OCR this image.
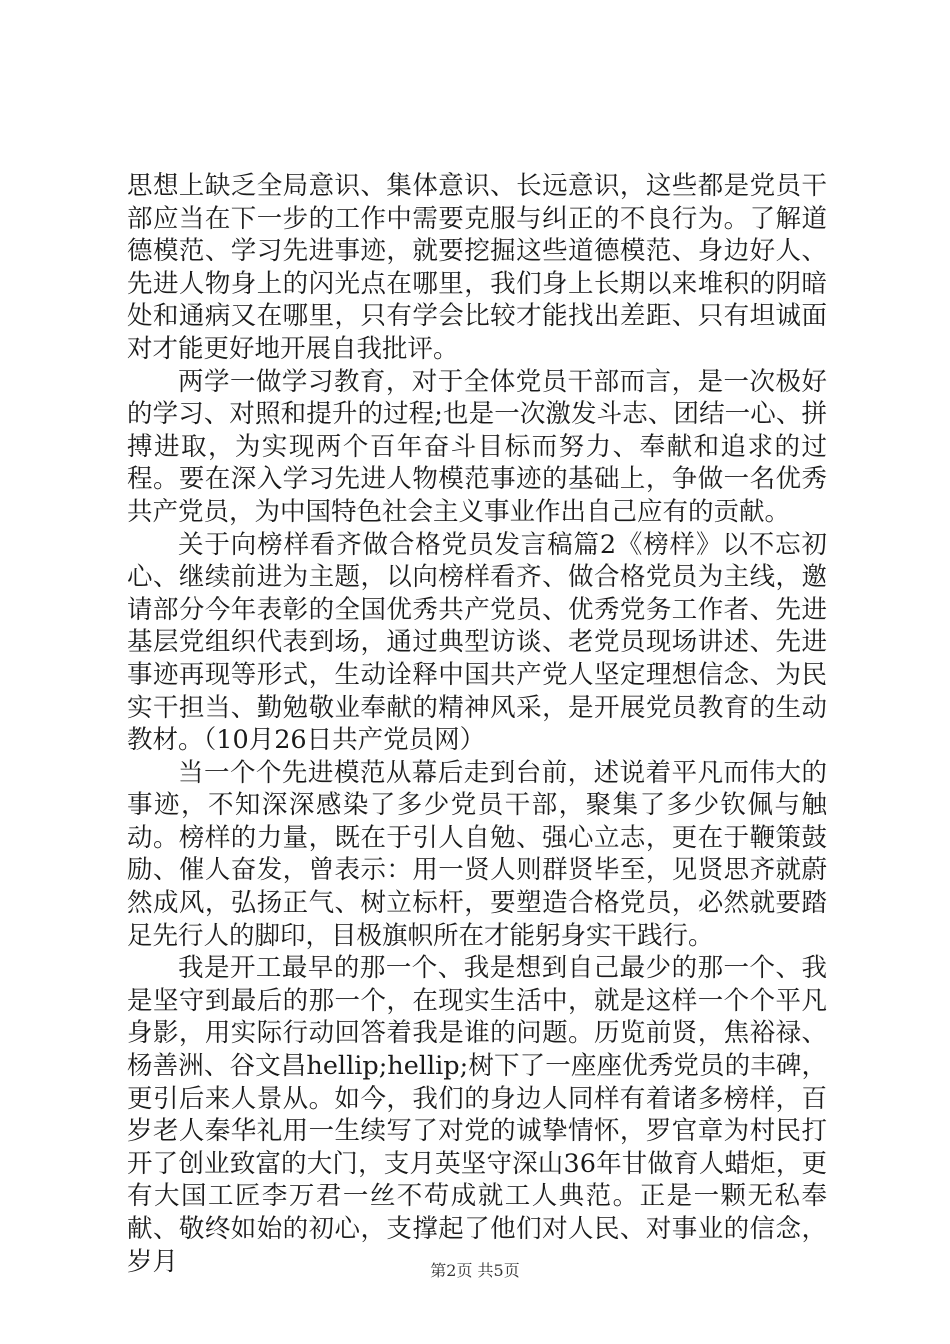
思想上缺乏全局意识、集体意识、长远意识，这些都是党员干部应当在下一步的工作中需要克服与纠正的不良行为。了解道德模范、学习先进事迹，就要挖掘这些道德模范、身边好人、先进人物身上的闪光点在哪里，我们身上长期以来堆积的阴暗处和通病又在哪里，只有学会比较才能找出差距、只有坦诚面对才能更好地开展自我批评。

两学一做学习教育，对于全体党员干部而言，是一次极好的学习、对照和提升的过程;也是一次激发斗志、团结一心、拼搏进取，为实现两个百年奋斗目标而努力、奉献和追求的过程。要在深入学习先进人物模范事迹的基础上，争做一名优秀共产党员，为中国特色社会主义事业作出自己应有的贡献。

关于向榜样看齐做合格党员发言稿篇2《榜样》以不忘初心、继续前进为主题，以向榜样看齐、做合格党员为主线，邀请部分今年表彰的全国优秀共产党员、优秀党务工作者、先进基层党组织代表到场，通过典型访谈、老党员现场讲述、先进事迹再现等形式，生动诠释中国共产党人坚定理想信念、为民实干担当、勤勉敬业奉献的精神风采，是开展党员教育的生动教材。（10月26日共产党员网）

当一个个先进模范从幕后走到台前，述说着平凡而伟大的事迹，不知深深感染了多少党员干部，聚集了多少钦佩与触动。榜样的力量，既在于引人自勉、强心立志，更在于鞭策鼓励、催人奋发，曾表示：用一贤人则群贤毕至，见贤思齐就蔚然成风，弘扬正气、树立标杆，要塑造合格党员，必然就要踏足先行人的脚印，目极旗帜所在才能躬身实干践行。

我是开工最早的那一个、我是想到自己最少的那一个、我是坚守到最后的那一个，在现实生活中，就是这样一个个平凡身影，用实际行动回答着我是谁的问题。历览前贤，焦裕禄、杨善洲、谷文昌hellip;hellip;树下了一座座优秀党员的丰碑，更引后来人景从。如今，我们的身边人同样有着诸多榜样，百岁老人秦华礼用一生续写了对党的诚挚情怀，罗官章为村民打开了创业致富的大门，支月英坚守深山36年甘做育人蜡炬，更有大国工匠李万君一丝不苟成就工人典范。正是一颗无私奉献、敬终如始的初心，支撑起了他们对人民、对事业的信念，岁月	第2页 共5页
